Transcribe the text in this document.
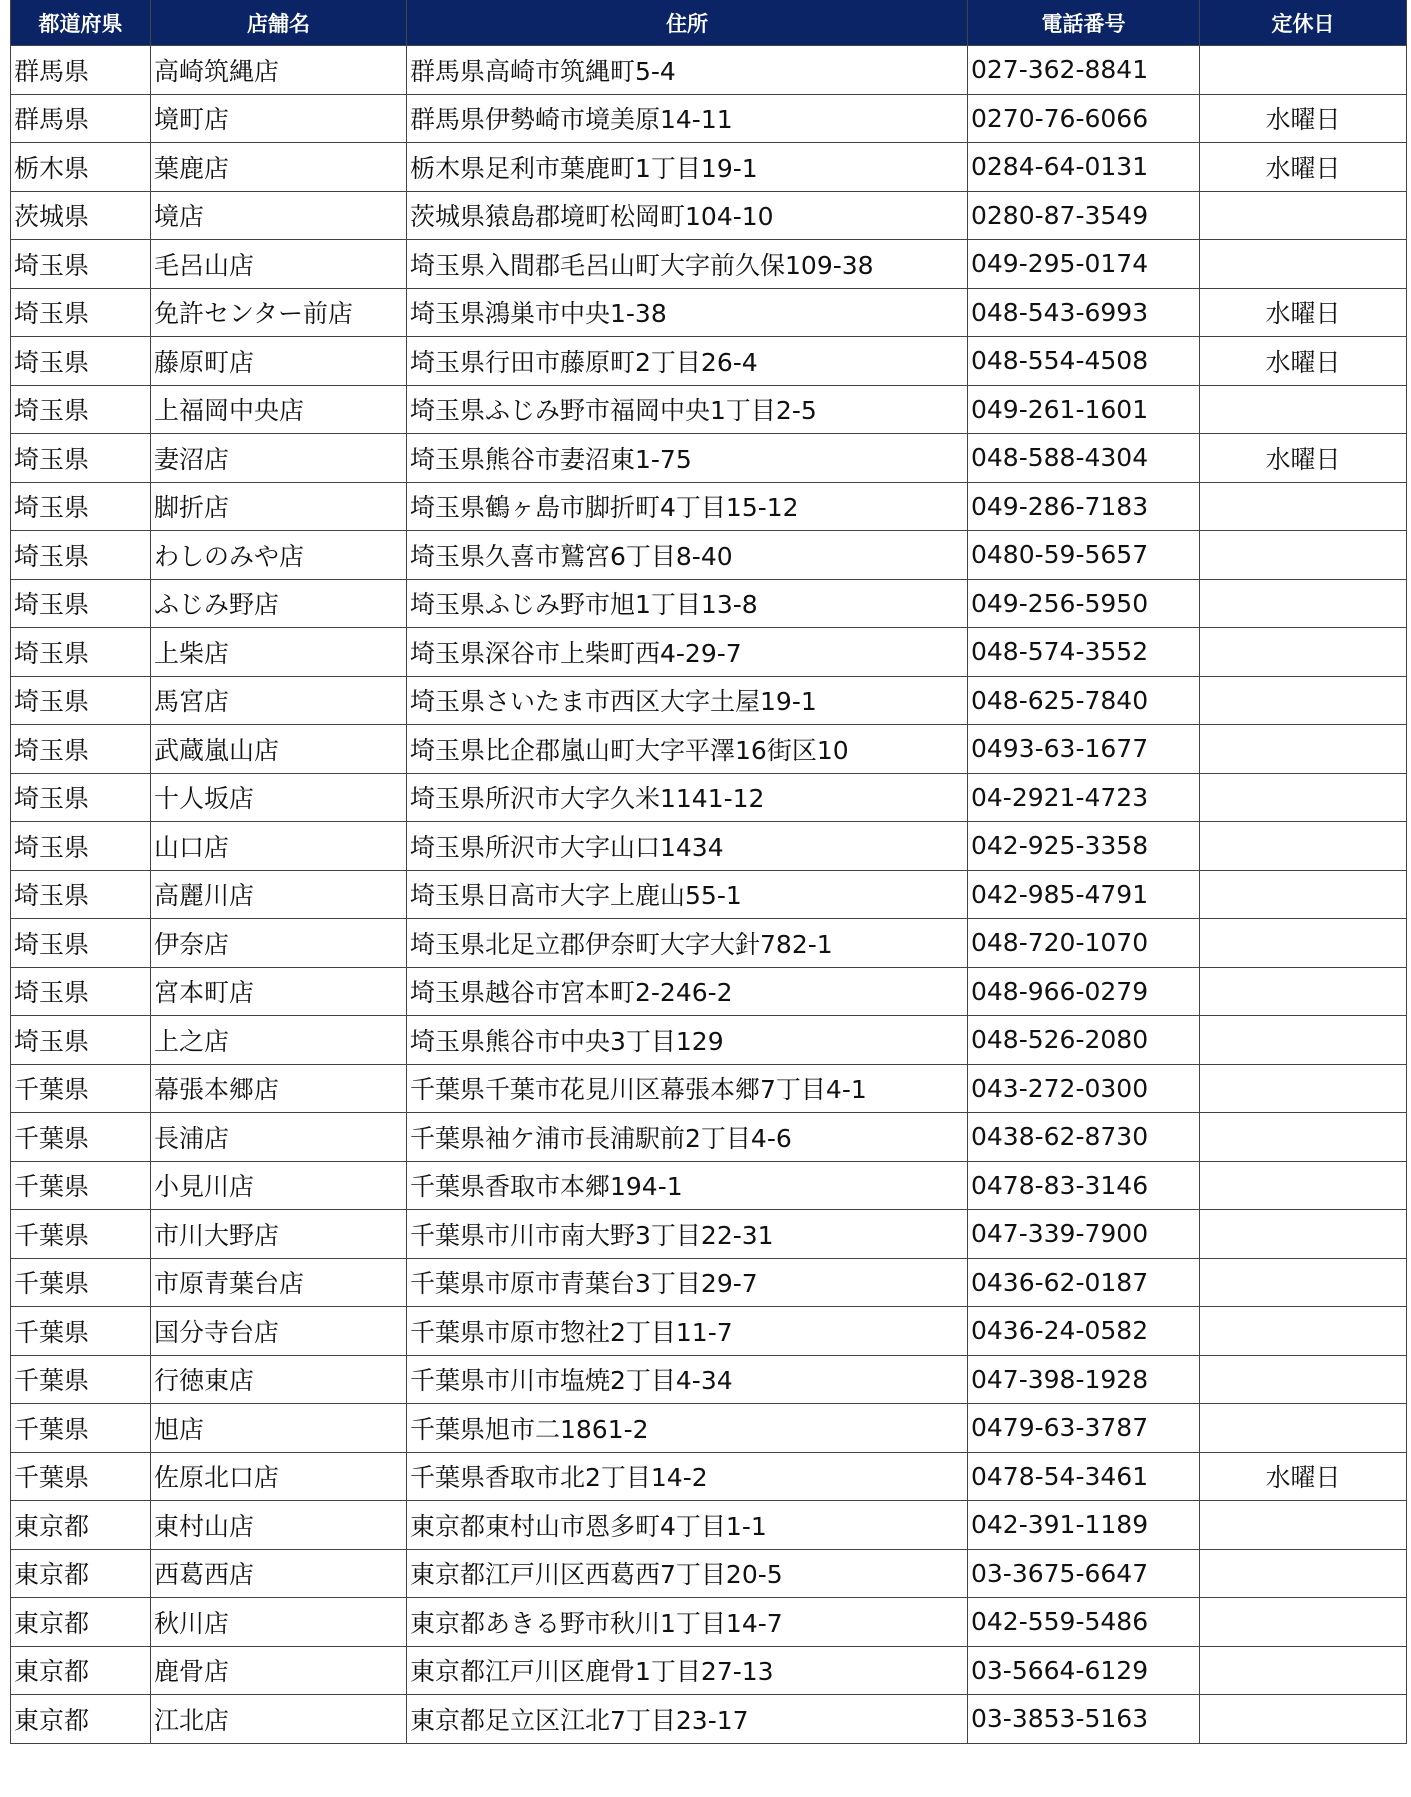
都道府県	店舗名	住所	電話番号	定休日
群馬県	高崎筑縄店	群馬県高崎市筑縄町5-4	027-362-8841	
群馬県	境町店	群馬県伊勢崎市境美原14-11	0270-76-6066	水曜日
栃木県	葉鹿店	栃木県足利市葉鹿町1丁目19-1	0284-64-0131	水曜日
茨城県	境店	茨城県猿島郡境町松岡町104-10	0280-87-3549	
埼玉県	毛呂山店	埼玉県入間郡毛呂山町大字前久保109-38	049-295-0174	
埼玉県	免許センター前店	埼玉県鴻巣市中央1-38	048-543-6993	水曜日
埼玉県	藤原町店	埼玉県行田市藤原町2丁目26-4	048-554-4508	水曜日
埼玉県	上福岡中央店	埼玉県ふじみ野市福岡中央1丁目2-5	049-261-1601	
埼玉県	妻沼店	埼玉県熊谷市妻沼東1-75	048-588-4304	水曜日
埼玉県	脚折店	埼玉県鶴ヶ島市脚折町4丁目15-12	049-286-7183	
埼玉県	わしのみや店	埼玉県久喜市鷲宮6丁目8-40	0480-59-5657	
埼玉県	ふじみ野店	埼玉県ふじみ野市旭1丁目13-8	049-256-5950	
埼玉県	上柴店	埼玉県深谷市上柴町西4-29-7	048-574-3552	
埼玉県	馬宮店	埼玉県さいたま市西区大字土屋19-1	048-625-7840	
埼玉県	武蔵嵐山店	埼玉県比企郡嵐山町大字平澤16街区10	0493-63-1677	
埼玉県	十人坂店	埼玉県所沢市大字久米1141-12	04-2921-4723	
埼玉県	山口店	埼玉県所沢市大字山口1434	042-925-3358	
埼玉県	高麗川店	埼玉県日高市大字上鹿山55-1	042-985-4791	
埼玉県	伊奈店	埼玉県北足立郡伊奈町大字大針782-1	048-720-1070	
埼玉県	宮本町店	埼玉県越谷市宮本町2-246-2	048-966-0279	
埼玉県	上之店	埼玉県熊谷市中央3丁目129	048-526-2080	
千葉県	幕張本郷店	千葉県千葉市花見川区幕張本郷7丁目4-1	043-272-0300	
千葉県	長浦店	千葉県袖ケ浦市長浦駅前2丁目4-6	0438-62-8730	
千葉県	小見川店	千葉県香取市本郷194-1	0478-83-3146	
千葉県	市川大野店	千葉県市川市南大野3丁目22-31	047-339-7900	
千葉県	市原青葉台店	千葉県市原市青葉台3丁目29-7	0436-62-0187	
千葉県	国分寺台店	千葉県市原市惣社2丁目11-7	0436-24-0582	
千葉県	行徳東店	千葉県市川市塩焼2丁目4-34	047-398-1928	
千葉県	旭店	千葉県旭市二1861-2	0479-63-3787	
千葉県	佐原北口店	千葉県香取市北2丁目14-2	0478-54-3461	水曜日
東京都	東村山店	東京都東村山市恩多町4丁目1-1	042-391-1189	
東京都	西葛西店	東京都江戸川区西葛西7丁目20-5	03-3675-6647	
東京都	秋川店	東京都あきる野市秋川1丁目14-7	042-559-5486	
東京都	鹿骨店	東京都江戸川区鹿骨1丁目27-13	03-5664-6129	
東京都	江北店	東京都足立区江北7丁目23-17	03-3853-5163	
